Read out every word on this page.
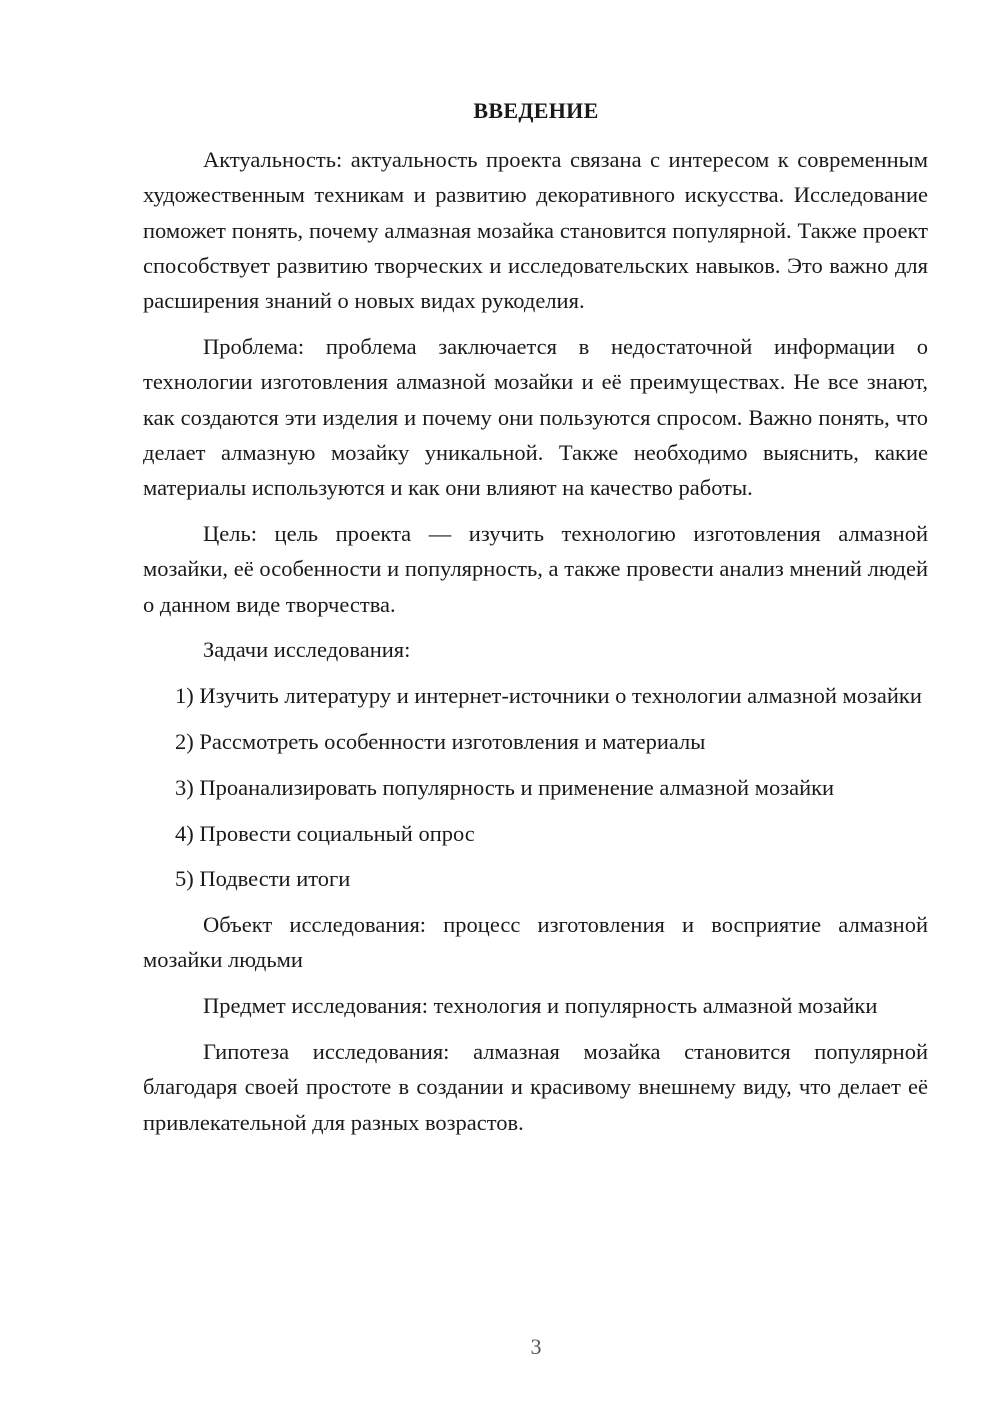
ВВЕДЕНИЕ

Актуальность: актуальность проекта связана с интересом к современным художественным техникам и развитию декоративного искусства. Исследование поможет понять, почему алмазная мозайка становится популярной. Также проект способствует развитию творческих и исследовательских навыков. Это важно для расширения знаний о новых видах рукоделия.

Проблема: проблема заключается в недостаточной информации о технологии изготовления алмазной мозайки и её преимуществах. Не все знают, как создаются эти изделия и почему они пользуются спросом. Важно понять, что делает алмазную мозайку уникальной. Также необходимо выяснить, какие материалы используются и как они влияют на качество работы.

Цель: цель проекта — изучить технологию изготовления алмазной мозайки, её особенности и популярность, а также провести анализ мнений людей о данном виде творчества.

Задачи исследования:

1) Изучить литературу и интернет-источники о технологии алмазной мозайки

2) Рассмотреть особенности изготовления и материалы

3) Проанализировать популярность и применение алмазной мозайки

4) Провести социальный опрос

5) Подвести итоги

Объект исследования: процесс изготовления и восприятие алмазной мозайки людьми

Предмет исследования: технология и популярность алмазной мозайки

Гипотеза исследования: алмазная мозайка становится популярной благодаря своей простоте в создании и красивому внешнему виду, что делает её привлекательной для разных возрастов.

3
